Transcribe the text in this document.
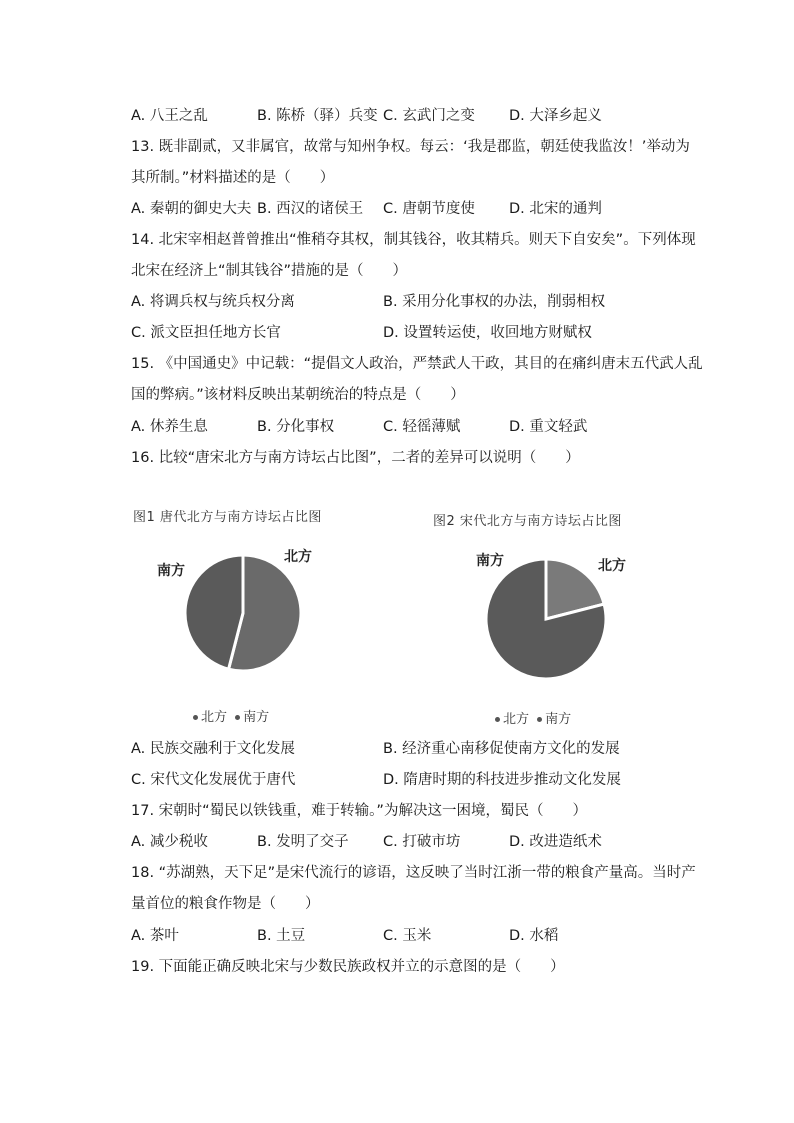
A. 八王之乱	B. 陈桥（驿）兵变 C. 玄武门之变 D. 大泽乡起义
13. 既非副贰，又非属官，故常与知州争权。每云：‘我是郡监，朝廷使我监汝！’举动为
其所制。”材料描述的是（　　）
A. 秦朝的御史大夫 B. 西汉的诸侯王 C. 唐朝节度使 D. 北宋的通判
14. 北宋宰相赵普曾推出“惟稍夺其权，制其钱谷，收其精兵。则天下自安矣”。下列体现
北宋在经济上“制其钱谷”措施的是（　　）
A. 将调兵权与统兵权分离	B. 采用分化事权的办法，削弱相权
C. 派文臣担任地方长官	D. 设置转运使，收回地方财赋权
15. 《中国通史》中记载：“提倡文人政治，严禁武人干政，其目的在痛纠唐末五代武人乱
国的弊病。”该材料反映出某朝统治的特点是（　　）
A. 休养生息	B. 分化事权	C. 轻徭薄赋	D. 重文轻武
16. 比较“唐宋北方与南方诗坛占比图”，二者的差异可以说明（　　）
图1 唐代北方与南方诗坛占比图
南方
北方
北方 南方
图2 宋代北方与南方诗坛占比图
南方	北方
北方 南方
A. 民族交融利于文化发展	B. 经济重心南移促使南方文化的发展
C. 宋代文化发展优于唐代	D. 隋唐时期的科技进步推动文化发展
17. 宋朝时“蜀民以铁钱重，难于转输。”为解决这一困境，蜀民（　　）
A. 减少税收	B. 发明了交子 C. 打破市坊	D. 改进造纸术
18. “苏湖熟，天下足”是宋代流行的谚语，这反映了当时江浙一带的粮食产量高。当时产
量首位的粮食作物是（　　）
A. 茶叶	B. 土豆	C. 玉米	D. 水稻
19. 下面能正确反映北宋与少数民族政权并立的示意图的是（　　）
